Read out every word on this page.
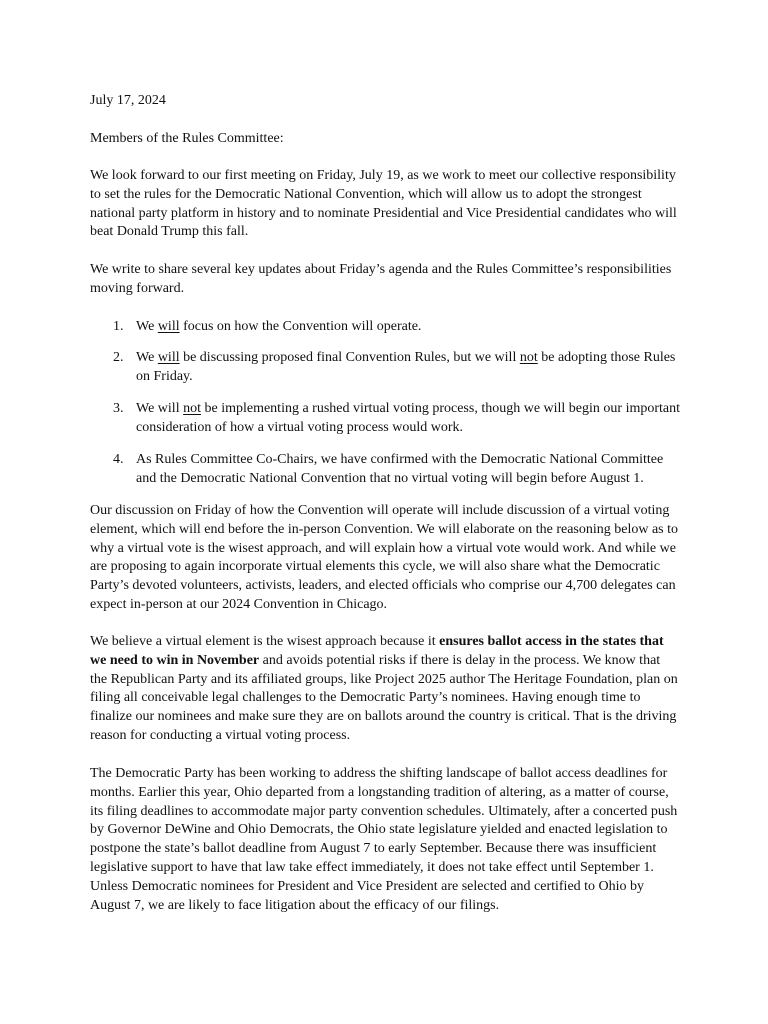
July 17, 2024

Members of the Rules Committee:

We look forward to our first meeting on Friday, July 19, as we work to meet our collective responsibility to set the rules for the Democratic National Convention, which will allow us to adopt the strongest national party platform in history and to nominate Presidential and Vice Presidential candidates who will beat Donald Trump this fall.

We write to share several key updates about Friday’s agenda and the Rules Committee’s responsibilities moving forward.

1. We will focus on how the Convention will operate.
2. We will be discussing proposed final Convention Rules, but we will not be adopting those Rules on Friday.
3. We will not be implementing a rushed virtual voting process, though we will begin our important consideration of how a virtual voting process would work.
4. As Rules Committee Co-Chairs, we have confirmed with the Democratic National Committee and the Democratic National Convention that no virtual voting will begin before August 1.

Our discussion on Friday of how the Convention will operate will include discussion of a virtual voting element, which will end before the in-person Convention. We will elaborate on the reasoning below as to why a virtual vote is the wisest approach, and will explain how a virtual vote would work. And while we are proposing to again incorporate virtual elements this cycle, we will also share what the Democratic Party’s devoted volunteers, activists, leaders, and elected officials who comprise our 4,700 delegates can expect in-person at our 2024 Convention in Chicago.

We believe a virtual element is the wisest approach because it ensures ballot access in the states that we need to win in November and avoids potential risks if there is delay in the process. We know that the Republican Party and its affiliated groups, like Project 2025 author The Heritage Foundation, plan on filing all conceivable legal challenges to the Democratic Party’s nominees. Having enough time to finalize our nominees and make sure they are on ballots around the country is critical. That is the driving reason for conducting a virtual voting process.

The Democratic Party has been working to address the shifting landscape of ballot access deadlines for months. Earlier this year, Ohio departed from a longstanding tradition of altering, as a matter of course, its filing deadlines to accommodate major party convention schedules. Ultimately, after a concerted push by Governor DeWine and Ohio Democrats, the Ohio state legislature yielded and enacted legislation to postpone the state’s ballot deadline from August 7 to early September. Because there was insufficient legislative support to have that law take effect immediately, it does not take effect until September 1. Unless Democratic nominees for President and Vice President are selected and certified to Ohio by August 7, we are likely to face litigation about the efficacy of our filings.
